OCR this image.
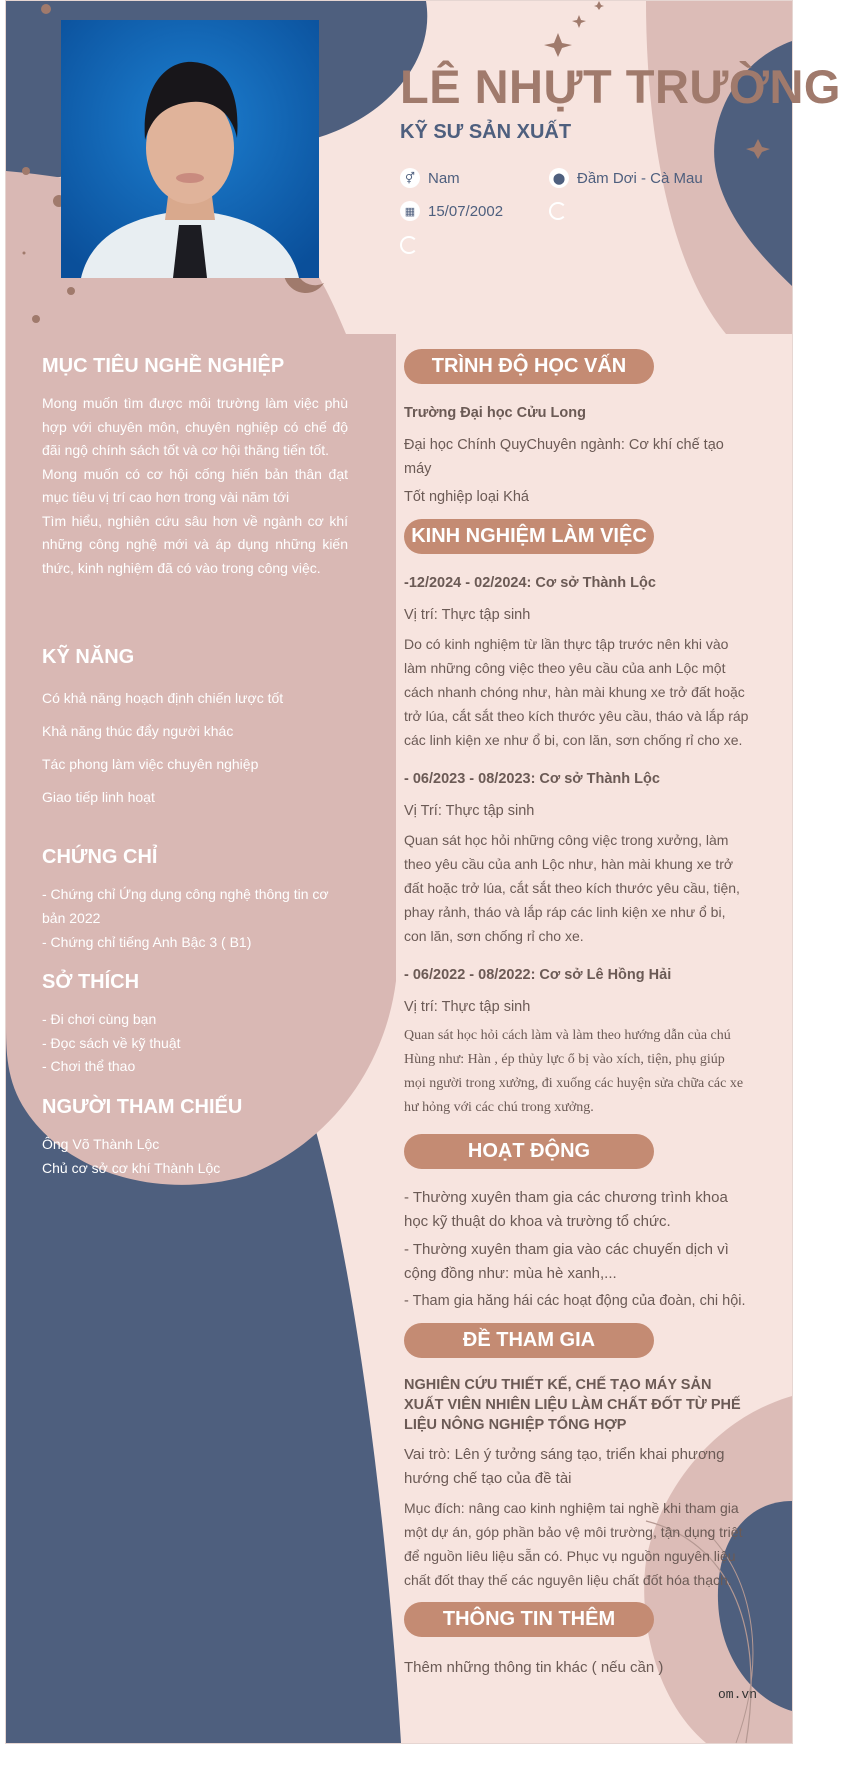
LÊ NHỰT TRƯỜNG
KỸ SƯ SẢN XUẤT
⚥ Nam	⬤ Đầm Dơi - Cà Mau
▦ 15/07/2002
MỤC TIÊU NGHỀ NGHIỆP
Mong muốn tìm được môi trường làm việc phù hợp với chuyên môn, chuyên nghiệp có chế độ đãi ngộ chính sách tốt và cơ hội thăng tiến tốt.
Mong muốn có cơ hội cống hiến bản thân đạt mục tiêu vị trí cao hơn trong vài năm tới
Tìm hiểu, nghiên cứu sâu hơn về ngành cơ khí những công nghệ mới và áp dụng những kiến thức, kinh nghiệm đã có vào trong công việc.
KỸ NĂNG
Có khả năng hoạch định chiến lược tốt
Khả năng thúc đẩy người khác
Tác phong làm việc chuyên nghiệp
Giao tiếp linh hoạt
CHỨNG CHỈ
- Chứng chỉ Ứng dụng công nghệ thông tin cơ bản 2022
- Chứng chỉ tiếng Anh Bậc 3 ( B1)
SỞ THÍCH
- Đi chơi cùng bạn
- Đọc sách về kỹ thuật
- Chơi thể thao
NGƯỜI THAM CHIẾU
Ông Võ Thành Lộc
Chủ cơ sở cơ khí Thành Lộc
TRÌNH ĐỘ HỌC VẤN
Trường Đại học Cửu Long
Đại học Chính QuyChuyên ngành: Cơ khí chế tạo máy
Tốt nghiệp loại Khá
KINH NGHIỆM LÀM VIỆC
-12/2024 - 02/2024: Cơ sở Thành Lộc
Vị trí: Thực tập sinh
Do có kinh nghiệm từ lần thực tập trước nên khi vào làm những công việc theo yêu cầu của anh Lộc một cách nhanh chóng như, hàn mài khung xe trở đất hoặc trở lúa, cắt sắt theo kích thước yêu cầu, tháo và lắp ráp các linh kiện xe như ổ bi, con lăn, sơn chống rỉ cho xe.
- 06/2023 - 08/2023: Cơ sở Thành Lộc
Vị Trí: Thực tập sinh
Quan sát học hỏi những công việc trong xưởng, làm theo yêu cầu của anh Lộc như, hàn mài khung xe trở đất hoặc trở lúa, cắt sắt theo kích thước yêu cầu, tiện, phay rảnh, tháo và lắp ráp các linh kiện xe như ổ bi, con lăn, sơn chống rỉ cho xe.
- 06/2022 - 08/2022: Cơ sở Lê Hồng Hải
Vị trí: Thực tập sinh
Quan sát học hỏi cách làm và làm theo hướng dẫn của chú Hùng như: Hàn , ép thủy lực ổ bị vào xích, tiện, phụ giúp mọi người trong xưởng, đi xuống các huyện sửa chữa các xe hư hỏng với các chú trong xưởng.
HOẠT ĐỘNG
- Thường xuyên tham gia các chương trình khoa học kỹ thuật do khoa và trường tổ chức.
- Thường xuyên tham gia vào các chuyến dịch vì cộng đồng như: mùa hè xanh,...
- Tham gia hăng hái các hoạt động của đoàn, chi hội.
ĐỀ THAM GIA
NGHIÊN CỨU THIẾT KẾ, CHẾ TẠO MÁY SẢN XUẤT VIÊN NHIÊN LIỆU LÀM CHẤT ĐỐT TỪ PHẾ LIỆU NÔNG NGHIỆP TỔNG HỢP
Vai trò: Lên ý tưởng sáng tạo, triển khai phương hướng chế tạo của đề tài
Mục đích: nâng cao kinh nghiệm tai nghề khi tham gia một dự án, góp phần bảo vệ môi trường, tận dụng triệt để nguồn liêu liệu sẵn có. Phục vụ nguồn nguyên liệu chất đốt thay thế các nguyên liệu chất đốt hóa thạch.
THÔNG TIN THÊM
Thêm những thông tin khác ( nếu cần )
om.vn
